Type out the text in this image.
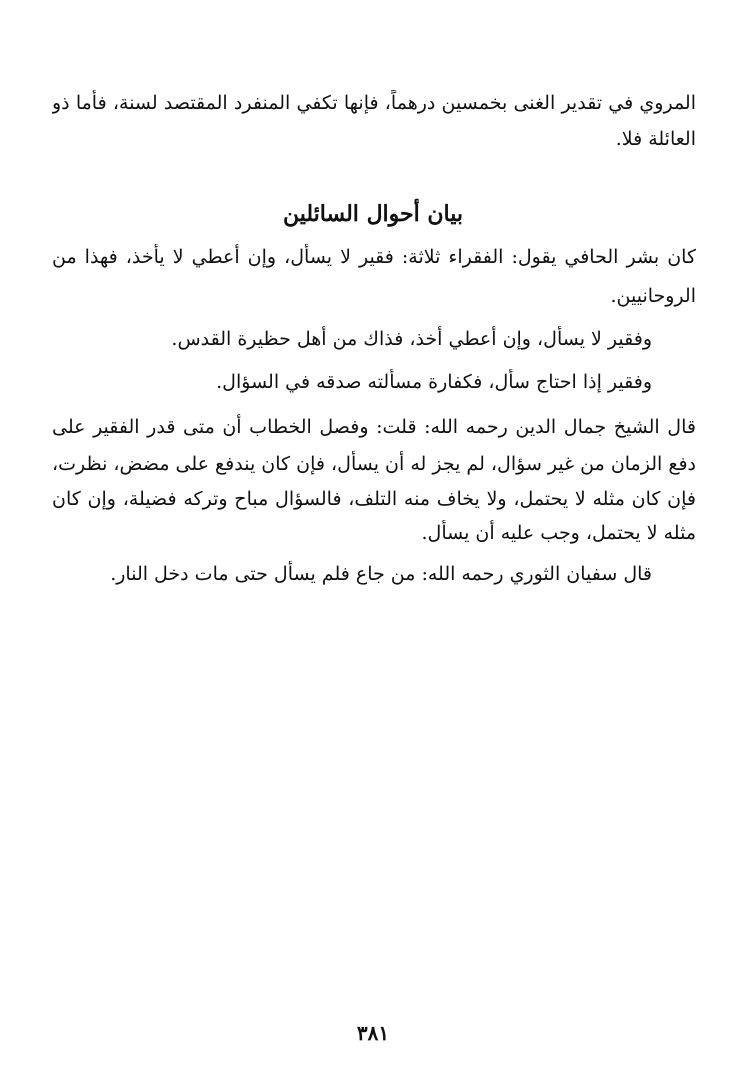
المروي في تقدير الغنى بخمسين درهماً، فإنها تكفي المنفرد المقتصد لسنة، فأما ذو
العائلة فلا.
بيان أحوال السائلين
كان بشر الحافي يقول: الفقراء ثلاثة: فقير لا يسأل، وإن أعطي لا يأخذ، فهذا من
الروحانيين.
وفقير لا يسأل، وإن أعطي أخذ، فذاك من أهل حظيرة القدس.
وفقير إذا احتاج سأل، فكفارة مسألته صدقه في السؤال.
قال الشيخ جمال الدين رحمه الله: قلت: وفصل الخطاب أن متى قدر الفقير على
دفع الزمان من غير سؤال، لم يجز له أن يسأل، فإن كان يندفع على مضض، نظرت،
فإن كان مثله لا يحتمل، ولا يخاف منه التلف، فالسؤال مباح وتركه فضيلة، وإن كان
مثله لا يحتمل، وجب عليه أن يسأل.
قال سفيان الثوري رحمه الله: من جاع فلم يسأل حتى مات دخل النار.
٣٨١
